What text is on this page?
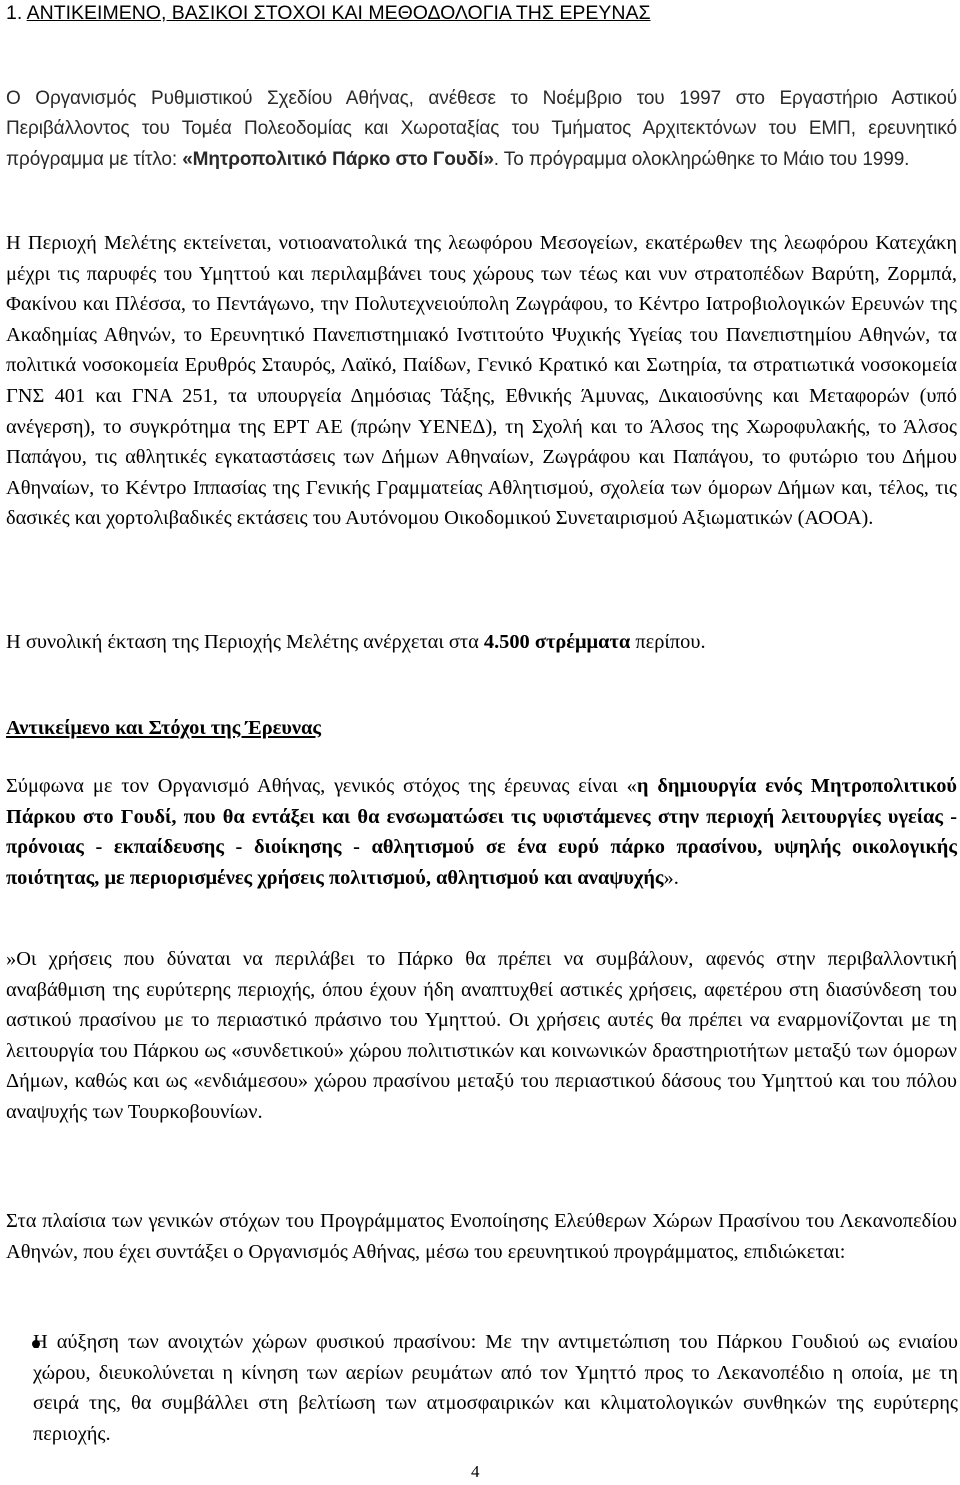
1. ΑΝΤΙΚΕΙΜΕΝΟ, ΒΑΣΙΚΟΙ ΣΤΟΧΟΙ ΚΑΙ ΜΕΘΟΔΟΛΟΓΙΑ ΤΗΣ ΕΡΕΥΝΑΣ

Ο Οργανισμός Ρυθμιστικού Σχεδίου Αθήνας, ανέθεσε το Νοέμβριο του 1997 στο Εργαστήριο Αστικού Περιβάλλοντος του Τομέα Πολεοδομίας και Χωροταξίας του Τμήματος Αρχιτεκτόνων του ΕΜΠ, ερευνητικό πρόγραμμα με τίτλο: «Μητροπολιτικό Πάρκο στο Γουδί». Το πρόγραμμα ολοκληρώθηκε το Μάιο του 1999.

Η Περιοχή Μελέτης εκτείνεται, νοτιοανατολικά της λεωφόρου Μεσογείων, εκατέρωθεν της λεωφόρου Κατεχάκη μέχρι τις παρυφές του Υμηττού και περιλαμβάνει τους χώρους των τέως και νυν στρατοπέδων Βαρύτη, Ζορμπά, Φακίνου και Πλέσσα, το Πεντάγωνο, την Πολυτεχνειούπολη Ζωγράφου, το Κέντρο Ιατροβιολογικών Ερευνών της Ακαδημίας Αθηνών, το Ερευνητικό Πανεπιστημιακό Ινστιτούτο Ψυχικής Υγείας του Πανεπιστημίου Αθηνών, τα πολιτικά νοσοκομεία Ερυθρός Σταυρός, Λαϊκό, Παίδων, Γενικό Κρατικό και Σωτηρία, τα στρατιωτικά νοσοκομεία ΓΝΣ 401 και ΓΝΑ 251, τα υπουργεία Δημόσιας Τάξης, Εθνικής Άμυνας, Δικαιοσύνης και Μεταφορών (υπό ανέγερση), το συγκρότημα της ΕΡΤ ΑΕ (πρώην ΥΕΝΕΔ), τη Σχολή και το Άλσος της Χωροφυλακής, το Άλσος Παπάγου, τις αθλητικές εγκαταστάσεις των Δήμων Αθηναίων, Ζωγράφου και Παπάγου, το φυτώριο του Δήμου Αθηναίων, το Κέντρο Ιππασίας της Γενικής Γραμματείας Αθλητισμού, σχολεία των όμορων Δήμων και, τέλος, τις δασικές και χορτολιβαδικές εκτάσεις του Αυτόνομου Οικοδομικού Συνεταιρισμού Αξιωματικών (ΑΟΟΑ).

Η συνολική έκταση της Περιοχής Μελέτης ανέρχεται στα 4.500 στρέμματα περίπου.

Αντικείμενο και Στόχοι της Έρευνας

Σύμφωνα με τον Οργανισμό Αθήνας, γενικός στόχος της έρευνας είναι «η δημιουργία ενός Μητροπολιτικού Πάρκου στο Γουδί, που θα εντάξει και θα ενσωματώσει τις υφιστάμενες στην περιοχή λειτουργίες υγείας - πρόνοιας - εκπαίδευσης - διοίκησης - αθλητισμού σε ένα ευρύ πάρκο πρασίνου, υψηλής οικολογικής ποιότητας, με περιορισμένες χρήσεις πολιτισμού, αθλητισμού και αναψυχής».

»Οι χρήσεις που δύναται να περιλάβει το Πάρκο θα πρέπει να συμβάλουν, αφενός στην περιβαλλοντική αναβάθμιση της ευρύτερης περιοχής, όπου έχουν ήδη αναπτυχθεί αστικές χρήσεις, αφετέρου στη διασύνδεση του αστικού πρασίνου με το περιαστικό πράσινο του Υμηττού. Οι χρήσεις αυτές θα πρέπει να εναρμονίζονται με τη λειτουργία του Πάρκου ως «συνδετικού» χώρου πολιτιστικών και κοινωνικών δραστηριοτήτων μεταξύ των όμορων Δήμων, καθώς και ως «ενδιάμεσου» χώρου πρασίνου μεταξύ του περιαστικού δάσους του Υμηττού και του πόλου αναψυχής των Τουρκοβουνίων.

Στα πλαίσια των γενικών στόχων του Προγράμματος Ενοποίησης Ελεύθερων Χώρων Πρασίνου του Λεκανοπεδίου Αθηνών, που έχει συντάξει ο Οργανισμός Αθήνας, μέσω του ερευνητικού προγράμματος, επιδιώκεται:

Η αύξηση των ανοιχτών χώρων φυσικού πρασίνου: Με την αντιμετώπιση του Πάρκου Γουδιού ως ενιαίου χώρου, διευκολύνεται η κίνηση των αερίων ρευμάτων από τον Υμηττό προς το Λεκανοπέδιο η οποία, με τη σειρά της, θα συμβάλλει στη βελτίωση των ατμοσφαιρικών και κλιματολογικών συνθηκών της ευρύτερης περιοχής.
4
